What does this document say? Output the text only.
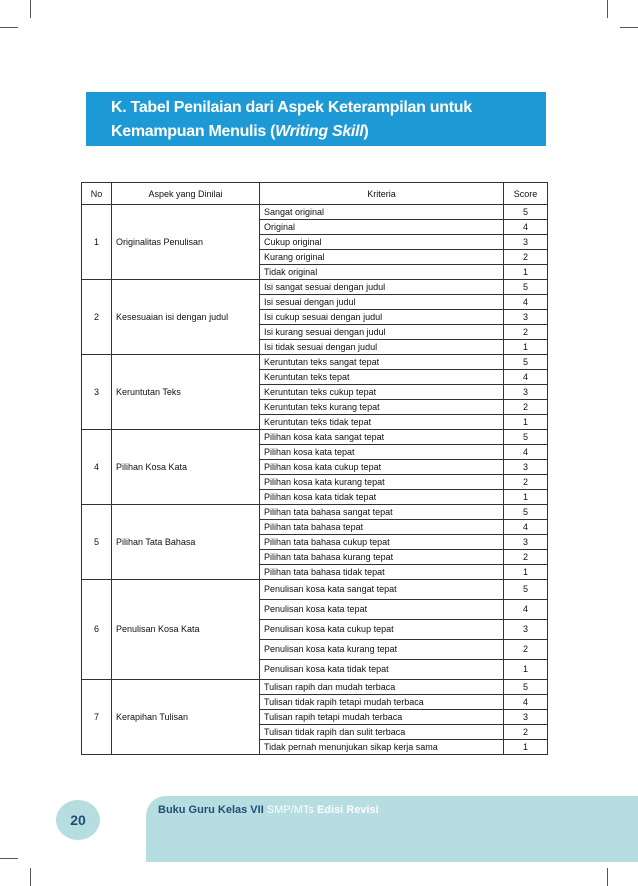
K. Tabel Penilaian dari Aspek Keterampilan untuk
Kemampuan Menulis (Writing Skill)
No	Aspek yang Dinilai	Kriteria	Score
1	Originalitas Penulisan	Sangat original	5
		Original	4
		Cukup original	3
		Kurang original	2
		Tidak original	1
2	Kesesuaian isi dengan judul	Isi sangat sesuai dengan judul	5
		Isi sesuai dengan judul	4
		Isi cukup sesuai dengan judul	3
		Isi kurang sesuai dengan judul	2
		Isi tidak sesuai dengan judul	1
3	Keruntutan Teks	Keruntutan teks sangat tepat	5
		Keruntutan teks tepat	4
		Keruntutan teks cukup tepat	3
		Keruntutan teks kurang tepat	2
		Keruntutan teks tidak tepat	1
4	Pilihan Kosa Kata	Pilihan kosa kata sangat tepat	5
		Pilihan kosa kata tepat	4
		Pilihan kosa kata cukup tepat	3
		Pilihan kosa kata kurang tepat	2
		Pilihan kosa kata tidak tepat	1
5	Pilihan Tata Bahasa	Pilihan tata bahasa sangat tepat	5
		Pilihan tata bahasa tepat	4
		Pilihan tata bahasa cukup tepat	3
		Pilihan tata bahasa kurang tepat	2
		Pilihan tata bahasa tidak tepat	1
6	Penulisan Kosa Kata	Penulisan kosa kata sangat tepat	5
		Penulisan kosa kata tepat	4
		Penulisan kosa kata cukup tepat	3
		Penulisan kosa kata kurang tepat	2
		Penulisan kosa kata tidak tepat	1
7	Kerapihan Tulisan	Tulisan rapih dan mudah terbaca	5
		Tulisan tidak rapih tetapi mudah terbaca	4
		Tulisan rapih tetapi mudah terbaca	3
		Tulisan tidak rapih dan sulit terbaca	2
		Tidak pernah menunjukan sikap kerja sama	1
20
Buku Guru Kelas VII SMP/MTs Edisi Revisi
